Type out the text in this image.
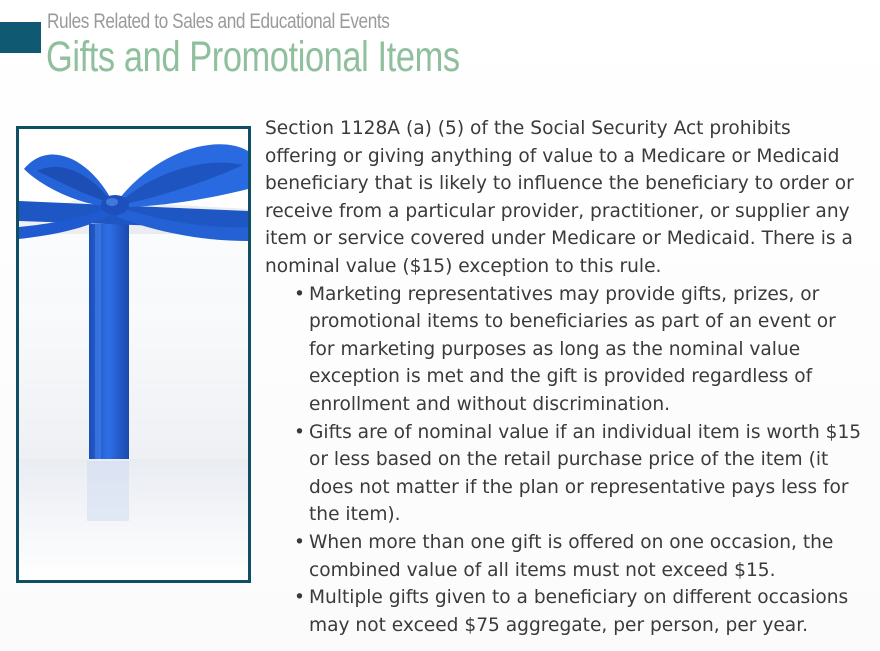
Rules Related to Sales and Educational Events
Gifts and Promotional Items

Section 1128A (a) (5) of the Social Security Act prohibits offering or giving anything of value to a Medicare or Medicaid beneficiary that is likely to influence the beneficiary to order or receive from a particular provider, practitioner, or supplier any item or service covered under Medicare or Medicaid. There is a nominal value ($15) exception to this rule.

• Marketing representatives may provide gifts, prizes, or promotional items to beneficiaries as part of an event or for marketing purposes as long as the nominal value exception is met and the gift is provided regardless of enrollment and without discrimination.
• Gifts are of nominal value if an individual item is worth $15 or less based on the retail purchase price of the item (it does not matter if the plan or representative pays less for the item).
• When more than one gift is offered on one occasion, the combined value of all items must not exceed $15.
• Multiple gifts given to a beneficiary on different occasions may not exceed $75 aggregate, per person, per year.
